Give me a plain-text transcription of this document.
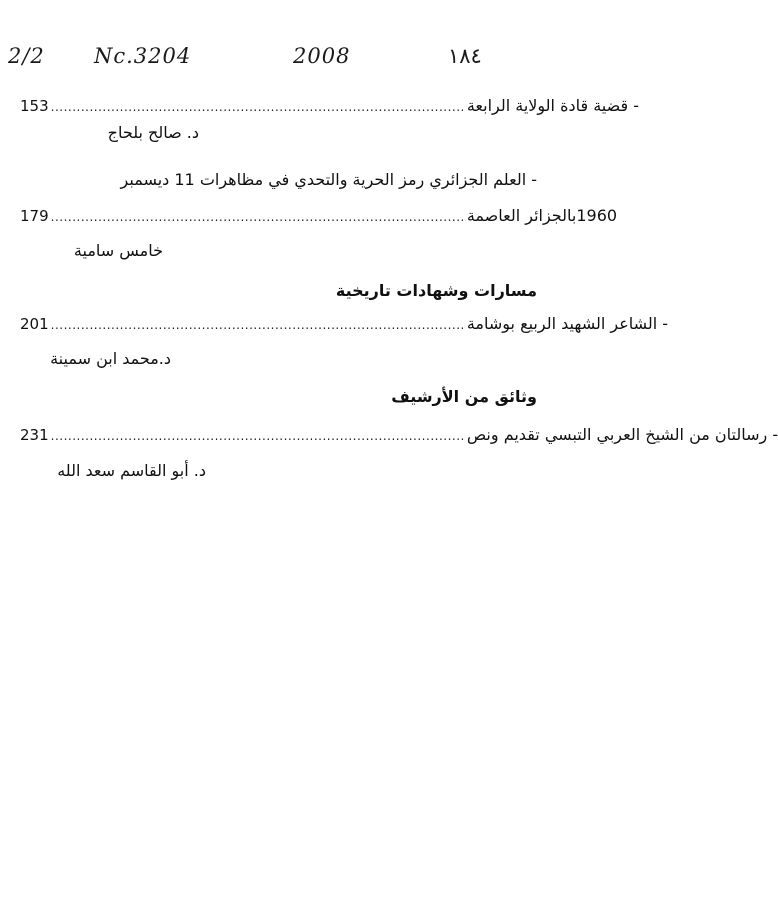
2/2 Nc.3204	2008	١٨٤
153 ................................................................................................ - قضية قادة الولاية الرابعة
د. صالح بلحاج
- العلم الجزائري رمز الحرية والتحدي في مظاهرات 11 ديسمبر
179 ................................................................................................ 1960بالجزائر العاصمة
خامس سامية
مسارات وشهادات تاريخية
201 ................................................................................................ - الشاعر الشهيد الربيع بوشامة
د.محمد ابن سمينة
وثائق من الأرشيف
231 ................................................................................................ - رسالتان من الشيخ العربي التبسي تقديم ونص
د. أبو القاسم سعد الله
